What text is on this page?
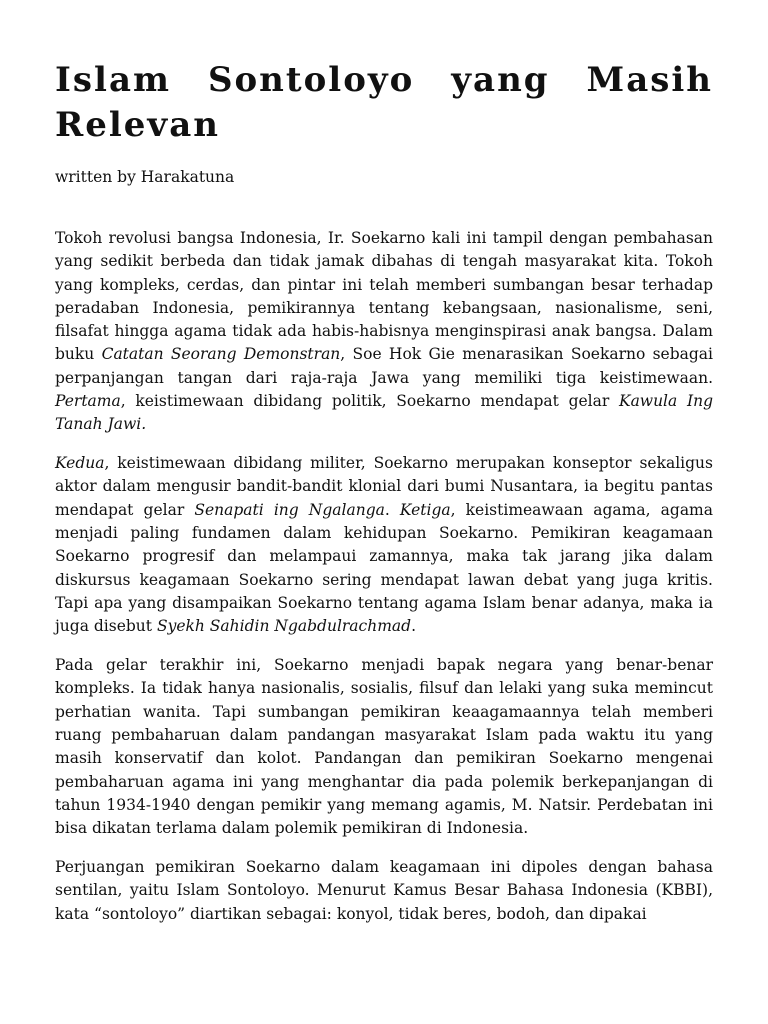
Islam Sontoloyo yang Masih Relevan
written by Harakatuna

Tokoh revolusi bangsa Indonesia, Ir. Soekarno kali ini tampil dengan pembahasan yang sedikit berbeda dan tidak jamak dibahas di tengah masyarakat kita. Tokoh yang kompleks, cerdas, dan pintar ini telah memberi sumbangan besar terhadap peradaban Indonesia, pemikirannya tentang kebangsaan, nasionalisme, seni, filsafat hingga agama tidak ada habis-habisnya menginspirasi anak bangsa. Dalam buku Catatan Seorang Demonstran, Soe Hok Gie menarasikan Soekarno sebagai perpanjangan tangan dari raja-raja Jawa yang memiliki tiga keistimewaan. Pertama, keistimewaan dibidang politik, Soekarno mendapat gelar Kawula Ing Tanah Jawi.

Kedua, keistimewaan dibidang militer, Soekarno merupakan konseptor sekaligus aktor dalam mengusir bandit-bandit klonial dari bumi Nusantara, ia begitu pantas mendapat gelar Senapati ing Ngalanga. Ketiga, keistimeawaan agama, agama menjadi paling fundamen dalam kehidupan Soekarno. Pemikiran keagamaan Soekarno progresif dan melampaui zamannya, maka tak jarang jika dalam diskursus keagamaan Soekarno sering mendapat lawan debat yang juga kritis. Tapi apa yang disampaikan Soekarno tentang agama Islam benar adanya, maka ia juga disebut Syekh Sahidin Ngabdulrachmad.

Pada gelar terakhir ini, Soekarno menjadi bapak negara yang benar-benar kompleks. Ia tidak hanya nasionalis, sosialis, filsuf dan lelaki yang suka memincut perhatian wanita. Tapi sumbangan pemikiran keaagamaannya telah memberi ruang pembaharuan dalam pandangan masyarakat Islam pada waktu itu yang masih konservatif dan kolot. Pandangan dan pemikiran Soekarno mengenai pembaharuan agama ini yang menghantar dia pada polemik berkepanjangan di tahun 1934-1940 dengan pemikir yang memang agamis, M. Natsir. Perdebatan ini bisa dikatan terlama dalam polemik pemikiran di Indonesia.

Perjuangan pemikiran Soekarno dalam keagamaan ini dipoles dengan bahasa sentilan, yaitu Islam Sontoloyo. Menurut Kamus Besar Bahasa Indonesia (KBBI), kata “sontoloyo” diartikan sebagai: konyol, tidak beres, bodoh, dan dipakai
